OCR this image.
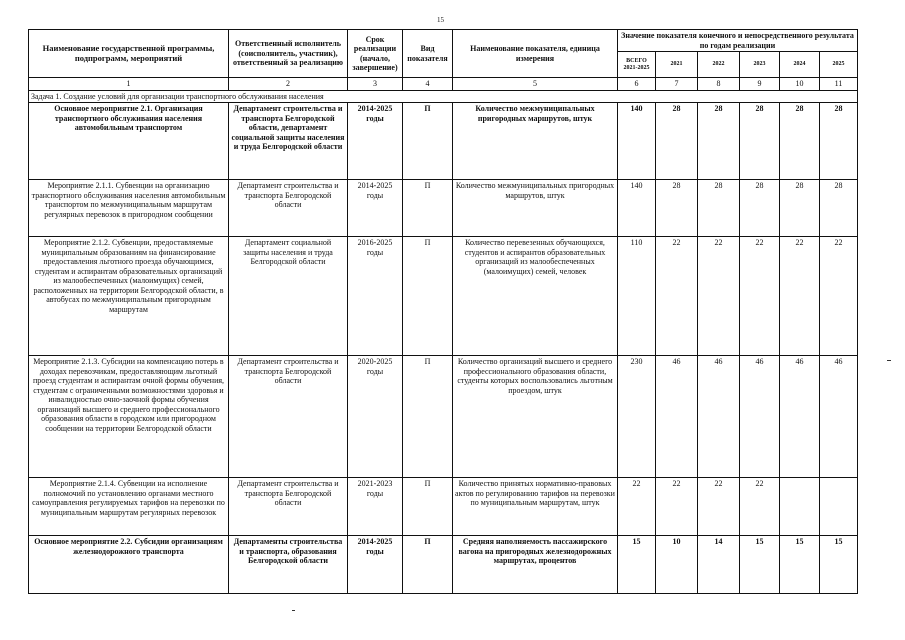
15
Наименование государственной программы, подпрограмм, мероприятий	Ответственный исполнитель (соисполнитель, участник), ответственный за реализацию	Срок реализации (начало, завершение)	Вид показателя	Наименование показателя, единица измерения	Значение показателя конечного и непосредственного результата по годам реализации					
					ВСЕГО 2021-2025	2021	2022	2023	2024	2025
1	2	3	4	5	6	7	8	9	10	11
Задача 1. Создание условий для организации транспортного обслуживания населения										
Основное мероприятие 2.1. Организация транспортного обслуживания населения автомобильным транспортом	Департамент строительства и транспорта Белгородской области, департамент социальной защиты населения и труда Белгородской области	2014-2025 годы	П	Количество межмуниципальных пригородных маршрутов, штук	140	28	28	28	28	28
Мероприятие 2.1.1. Субвенции на организацию транспортного обслуживания населения автомобильным транспортом по межмуниципальным маршрутам регулярных перевозок в пригородном сообщении	Департамент строительства и транспорта Белгородской области	2014-2025 годы	П	Количество межмуниципальных пригородных маршрутов, штук	140	28	28	28	28	28
Мероприятие 2.1.2. Субвенции, предоставляемые муниципальным образованиям на финансирование предоставления льготного проезда обучающимся, студентам и аспирантам образовательных организаций из малообеспеченных (малоимущих) семей, расположенных на территории Белгородской области, в автобусах по межмуниципальным пригородным маршрутам	Департамент социальной защиты населения и труда Белгородской области	2016-2025 годы	П	Количество перевезенных обучающихся, студентов и аспирантов образовательных организаций из малообеспеченных (малоимущих) семей, человек	110	22	22	22	22	22
Мероприятие 2.1.3. Субсидии на компенсацию потерь в доходах перевозчикам, предоставляющим льготный проезд студентам и аспирантам очной формы обучения, студентам с ограниченными возможностями здоровья и инвалидностью очно-заочной формы обучения организаций высшего и среднего профессионального образования области в городском или пригородном сообщении на территории Белгородской области	Департамент строительства и транспорта Белгородской области	2020-2025 годы	П	Количество организаций высшего и среднего профессионального образования области, студенты которых воспользовались льготным проездом, штук	230	46	46	46	46	46
Мероприятие 2.1.4. Субвенции на исполнение полномочий по установлению органами местного самоуправления регулируемых тарифов на перевозки по муниципальным маршрутам регулярных перевозок	Департамент строительства и транспорта Белгородской области	2021-2023 годы	П	Количество принятых нормативно-правовых актов по регулированию тарифов на перевозки по муниципальным маршрутам, штук	22	22	22	22		
Основное мероприятие 2.2. Субсидии организациям железнодорожного транспорта	Департаменты строительства и транспорта, образования Белгородской области	2014-2025 годы	П	Средняя наполняемость пассажирского вагона на пригородных железнодорожных маршрутах, процентов	15	10	14	15	15	15
